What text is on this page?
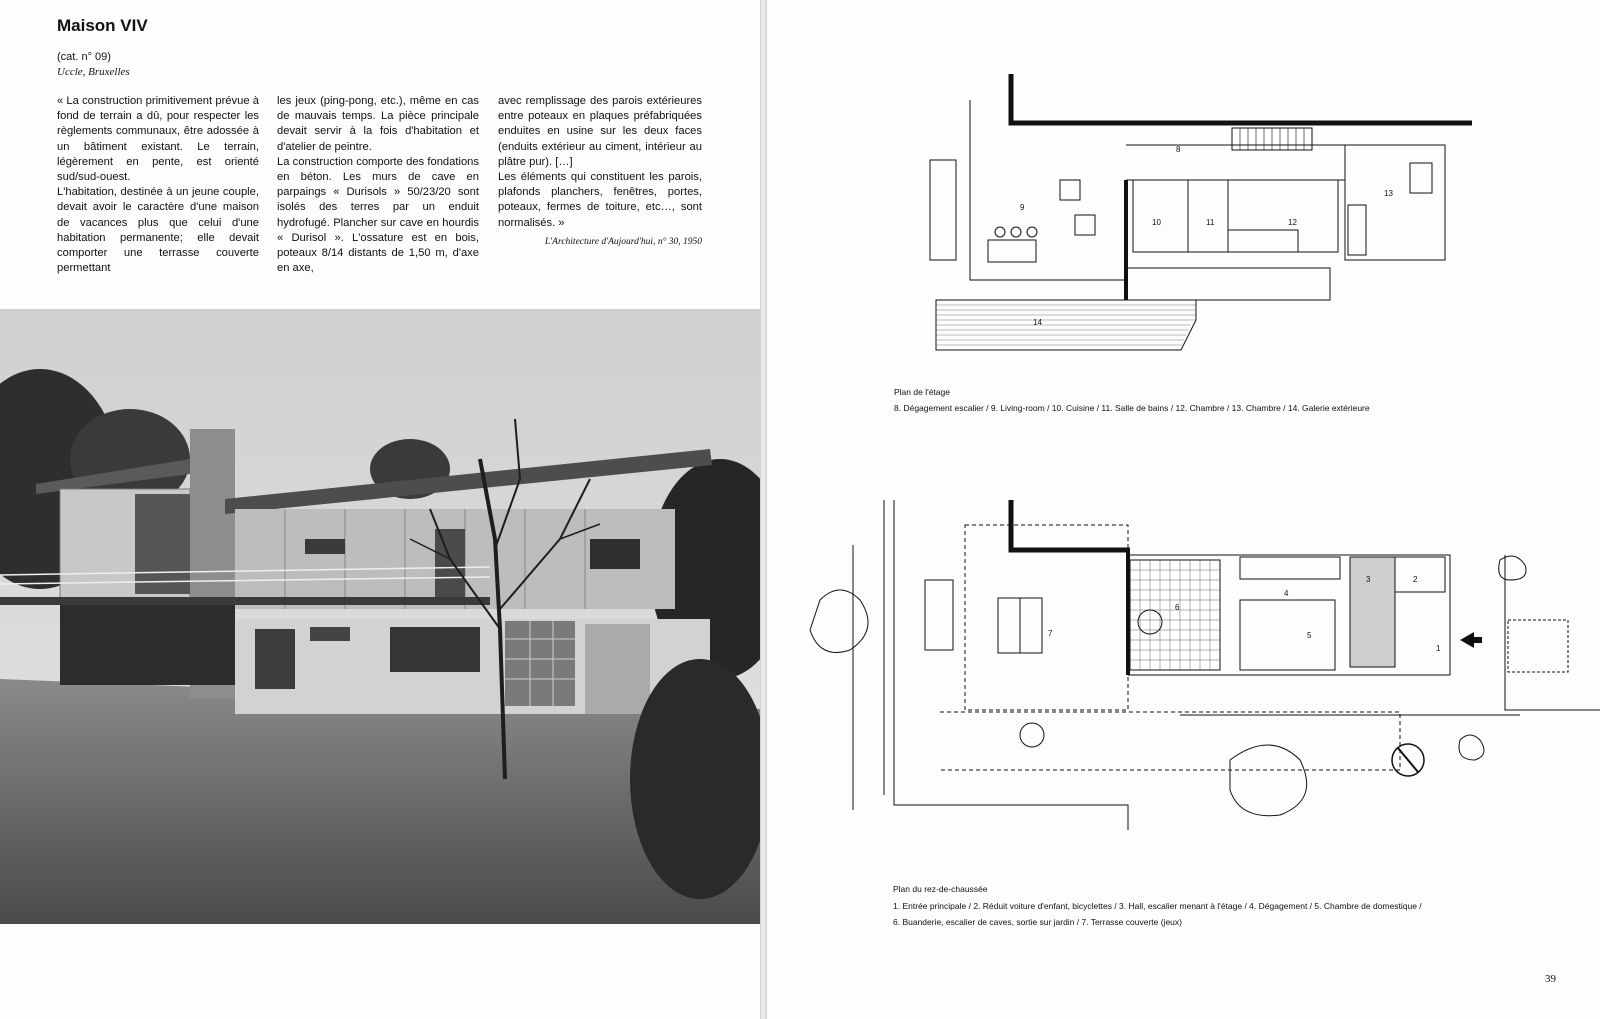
Maison VIV
(cat. n° 09)
Uccle, Bruxelles

« La construction primitivement prévue à fond de terrain a dû, pour respecter les règlements communaux, être adossée à un bâtiment existant. Le terrain, légèrement en pente, est orienté sud/sud-ouest.

L'habitation, destinée à un jeune couple, devait avoir le caractère d'une maison de vacances plus que celui d'une habitation permanente; elle devait comporter une terrasse couverte permettant

les jeux (ping-pong, etc.), même en cas de mauvais temps. La pièce principale devait servir à la fois d'habitation et d'atelier de peintre.

La construction comporte des fondations en béton. Les murs de cave en parpaings « Durisols » 50/23/20 sont isolés des terres par un enduit hydrofugé. Plancher sur cave en hourdis « Durisol ». L'ossature est en bois, poteaux 8/14 distants de 1,50 m, d'axe en axe,

avec remplissage des parois extérieures entre poteaux en plaques préfabriquées enduites en usine sur les deux faces (enduits extérieur au ciment, intérieur au plâtre pur). […]

Les éléments qui constituent les parois, plafonds planchers, fenêtres, portes, poteaux, fermes de toiture, etc…, sont normalisés. »

L'Architecture d'Aujourd'hui, n° 30, 1950
9
8
10	11	12
13
14
Plan de l'étage
8. Dégagement escalier / 9. Living-room / 10. Cuisine / 11. Salle de bains / 12. Chambre / 13. Chambre / 14. Galerie extérieure
7
6
4
5
3	2
1
Plan du rez-de-chaussée
1. Entrée principale / 2. Réduit voiture d'enfant, bicyclettes / 3. Hall, escalier menant à l'étage / 4. Dégagement / 5. Chambre de domestique /
6. Buanderie, escalier de caves, sortie sur jardin / 7. Terrasse couverte (jeux)
39
